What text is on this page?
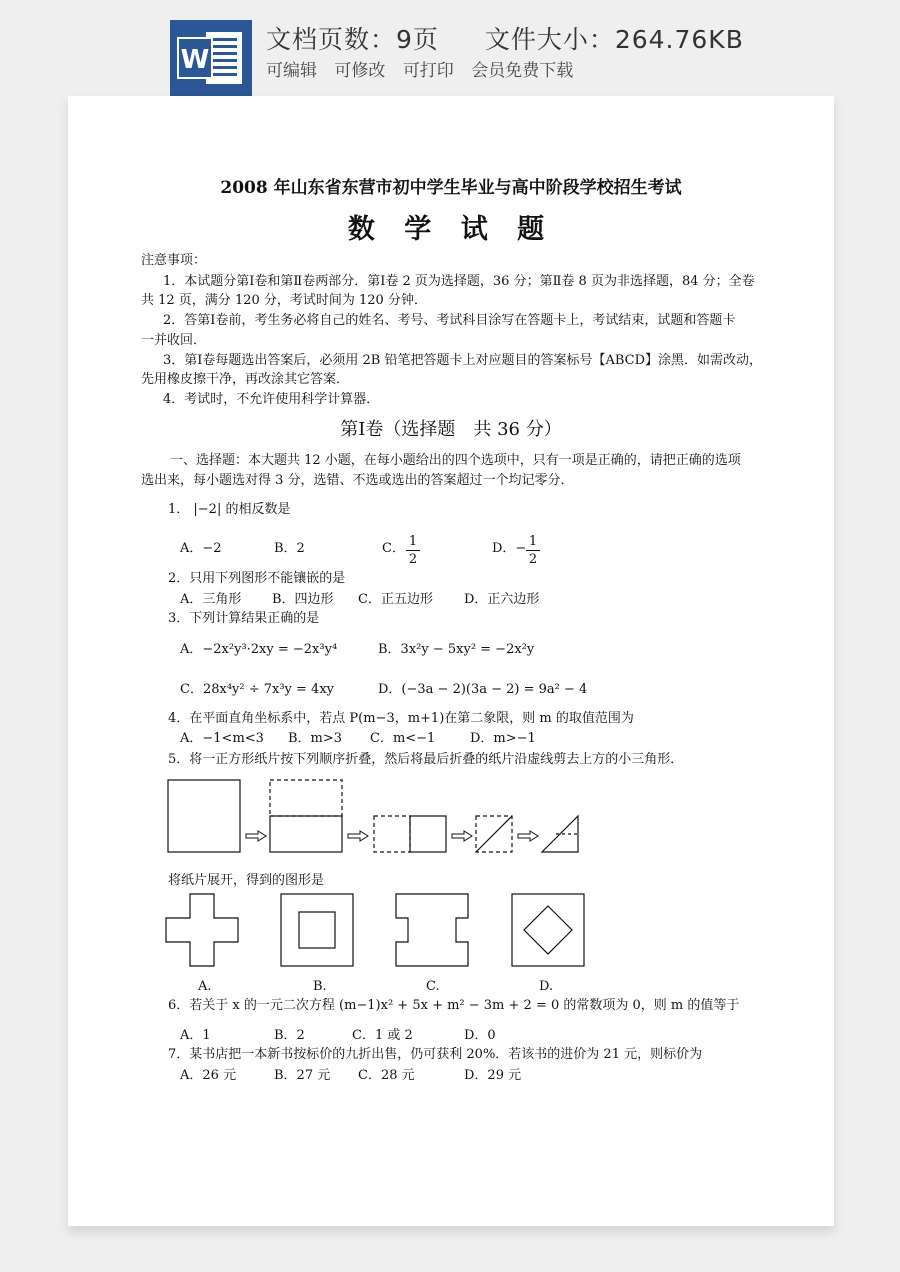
W
文档页数：9页 文件大小：264.76KB
可编辑 可修改 可打印 会员免费下载
2008 年山东省东营市初中学生毕业与高中阶段学校招生考试
数 学 试 题
注意事项：
1．本试题分第Ⅰ卷和第Ⅱ卷两部分．第Ⅰ卷 2 页为选择题，36 分；第Ⅱ卷 8 页为非选择题，84 分；全卷
共 12 页，满分 120 分，考试时间为 120 分钟．
2．答第Ⅰ卷前，考生务必将自己的姓名、考号、考试科目涂写在答题卡上，考试结束，试题和答题卡
一并收回．
3．第Ⅰ卷每题选出答案后，必须用 2B 铅笔把答题卡上对应题目的答案标号【ABCD】涂黑．如需改动，
先用橡皮擦干净，再改涂其它答案．
4．考试时，不允许使用科学计算器．
第Ⅰ卷（选择题　共 36 分）
一、选择题：本大题共 12 小题，在每小题给出的四个选项中，只有一项是正确的，请把正确的选项
选出来，每小题选对得 3 分，选错、不选或选出的答案超过一个均记零分．
1． |−2| 的相反数是
A．−2	B．2	C． 1
2
D．− 1
2
2．只用下列图形不能镶嵌的是
A．三角形 B．四边形 C．正五边形 D．正六边形
3．下列计算结果正确的是
A．−2x²y³·2xy = −2x³y⁴	B．3x²y − 5xy² = −2x²y
C．28x⁴y² ÷ 7x³y = 4xy	D．(−3a − 2)(3a − 2) = 9a² − 4
4．在平面直角坐标系中，若点 P(m−3，m+1)在第二象限，则 m 的取值范围为
A．−1<m<3 B．m>3 C．m<−1	D．m>−1
5．将一正方形纸片按下列顺序折叠，然后将最后折叠的纸片沿虚线剪去上方的小三角形．
将纸片展开，得到的图形是
A.	B.	C.	D.
6．若关于 x 的一元二次方程 (m−1)x² + 5x + m² − 3m + 2 = 0 的常数项为 0，则 m 的值等于
A．1	B．2	C．1 或 2	D．0
7．某书店把一本新书按标价的九折出售，仍可获利 20%．若该书的进价为 21 元，则标价为
A．26 元	B．27 元 C．28 元	D．29 元
